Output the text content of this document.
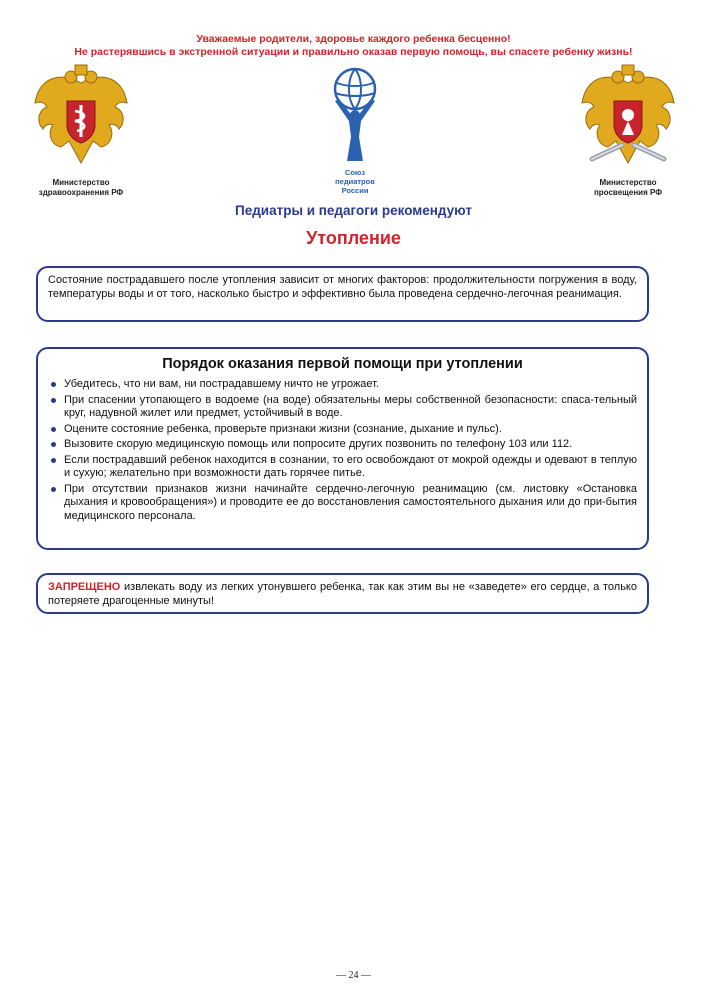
Уважаемые родители, здоровье каждого ребенка бесценно!
Не растерявшись в экстренной ситуации и правильно оказав первую помощь, вы спасете ребенку жизнь!
Министерство
здравоохранения РФ
Союз
педиатров
России
Министерство
просвещения РФ
Педиатры и педагоги рекомендуют
Утопление
Состояние пострадавшего после утопления зависит от многих факторов: продолжительности погружения в воду, температуры воды и от того, насколько быстро и эффективно была проведена сердечно-легочная реанимация.
Порядок оказания первой помощи при утоплении
Убедитесь, что ни вам, ни пострадавшему ничто не угрожает.
При спасении утопающего в водоеме (на воде) обязательны меры собственной безопасности: спаса-тельный круг, надувной жилет или предмет, устойчивый в воде.
Оцените состояние ребенка, проверьте признаки жизни (сознание, дыхание и пульс).
Вызовите скорую медицинскую помощь или попросите других позвонить по телефону 103 или 112.
Если пострадавший ребенок находится в сознании, то его освобождают от мокрой одежды и одевают в теплую и сухую; желательно при возможности дать горячее питье.
При отсутствии признаков жизни начинайте сердечно-легочную реанимацию (см. листовку «Остановка дыхания и кровообращения») и проводите ее до восстановления самостоятельного дыхания или до при-бытия медицинского персонала.
ЗАПРЕЩЕНО извлекать воду из легких утонувшего ребенка, так как этим вы не «заведете» его сердце, а только потеряете драгоценные минуты!
— 24 —
